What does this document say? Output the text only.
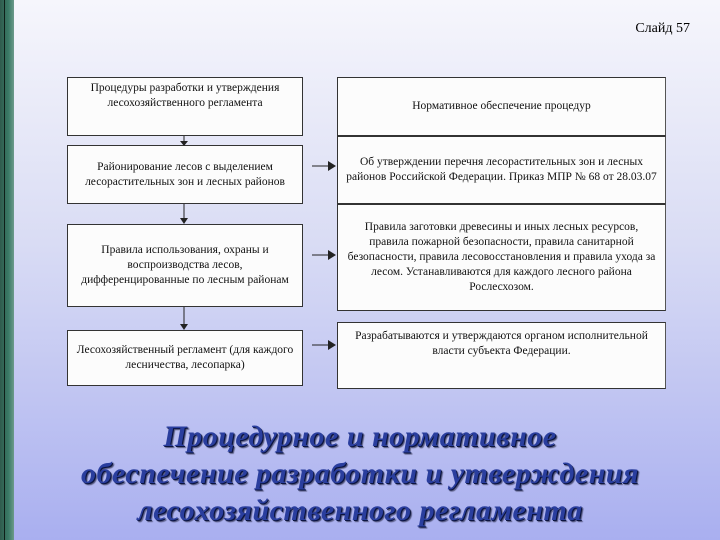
Слайд 57
Процедуры разработки и утверждения лесохозяйственного регламента
Районирование лесов с выделением лесорастительных зон и лесных районов
Правила использования, охраны и воспроизводства лесов, дифференцированные по лесным районам
Лесохозяйственный регламент (для каждого лесничества, лесопарка)
Нормативное обеспечение процедур
Об утверждении перечня лесорастительных зон и лесных районов Российской Федерации. Приказ МПР № 68 от 28.03.07
Правила заготовки древесины и иных лесных ресурсов, правила пожарной безопасности, правила санитарной безопасности, правила лесовосстановления и правила ухода за лесом. Устанавливаются для каждого лесного района Рослесхозом.
Разрабатываются и утверждаются органом исполнительной власти субъекта Федерации.
Процедурное и нормативное
обеспечение разработки и утверждения
лесохозяйственного регламента
